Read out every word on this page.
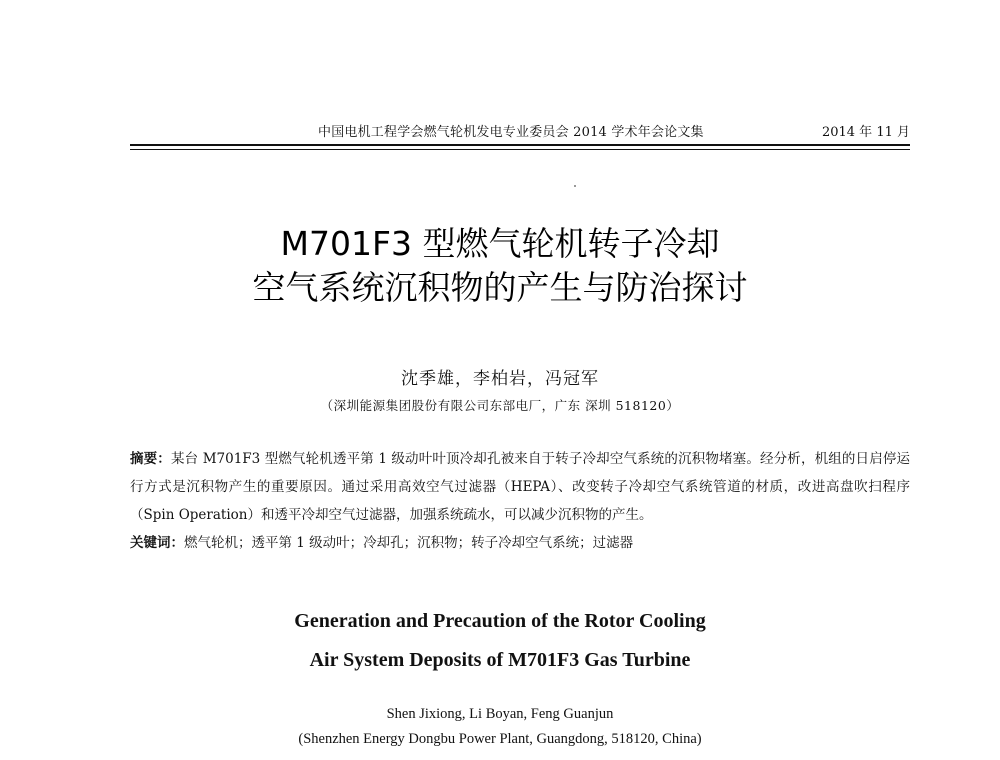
中国电机工程学会燃气轮机发电专业委员会 2014 学术年会论文集	2014 年 11 月
M701F3 型燃气轮机转子冷却
空气系统沉积物的产生与防治探讨
沈季雄，李柏岩，冯冠军
（深圳能源集团股份有限公司东部电厂，广东 深圳 518120）
摘要：某台 M701F3 型燃气轮机透平第 1 级动叶叶顶冷却孔被来自于转子冷却空气系统的沉积物堵塞。经分析，机组的日启停运行方式是沉积物产生的重要原因。通过采用高效空气过滤器（HEPA）、改变转子冷却空气系统管道的材质，改进高盘吹扫程序（Spin Operation）和透平冷却空气过滤器，加强系统疏水，可以减少沉积物的产生。
关键词：燃气轮机；透平第 1 级动叶；冷却孔；沉积物；转子冷却空气系统；过滤器
Generation and Precaution of the Rotor Cooling
Air System Deposits of M701F3 Gas Turbine
Shen Jixiong, Li Boyan, Feng Guanjun
(Shenzhen Energy Dongbu Power Plant, Guangdong, 518120, China)
